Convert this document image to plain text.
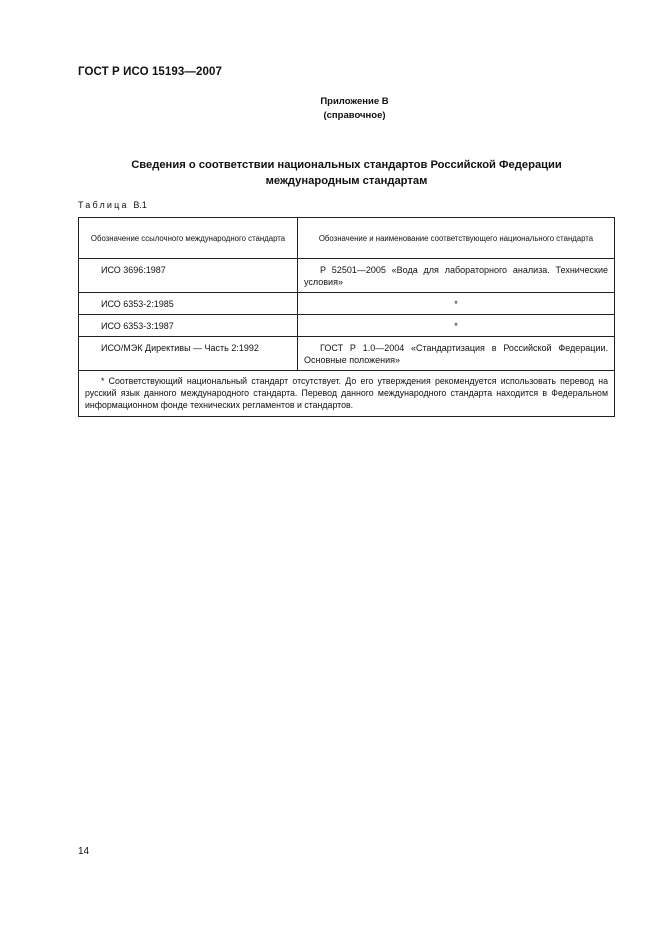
ГОСТ Р ИСО 15193—2007
Приложение В
(справочное)
Сведения о соответствии национальных стандартов Российской Федерации
международным стандартам
Таблица В.1
Обозначение ссылочного международного стандарта	Обозначение и наименование соответствующего национального стандарта
ИСО 3696:1987	Р 52501—2005 «Вода для лабораторного анализа. Технические условия»
ИСО 6353-2:1985	*
ИСО 6353-3:1987	*
ИСО/МЭК Директивы — Часть 2:1992	ГОСТ Р 1.0—2004 «Стандартизация в Российской Федерации. Основные положения»
* Соответствующий национальный стандарт отсутствует. До его утверждения рекомендуется использовать перевод на русский язык данного международного стандарта. Перевод данного международного стандарта находится в Федеральном информационном фонде технических регламентов и стандартов.	
14
